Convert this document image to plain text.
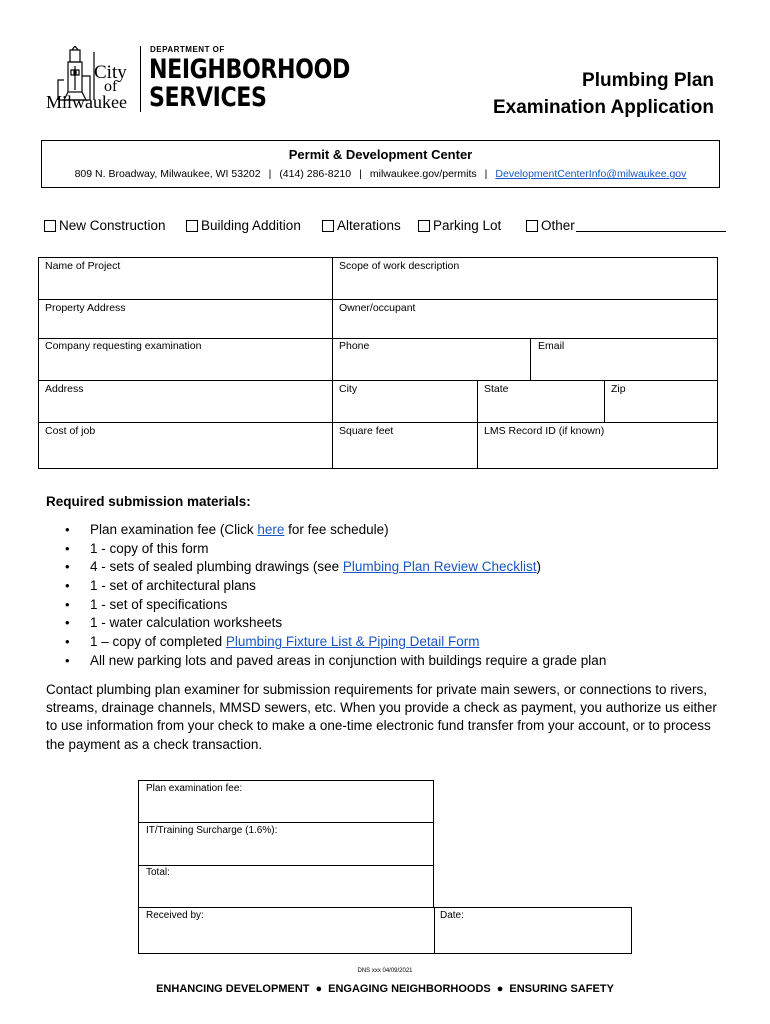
City
of
Milwaukee
DEPARTMENT OF
NEIGHBORHOOD
SERVICES
Plumbing Plan
Examination Application
Permit & Development Center
809 N. Broadway, Milwaukee, WI 53202 | (414) 286-8210 | milwaukee.gov/permits | DevelopmentCenterInfo@milwaukee.gov
New Construction	Building Addition	Alterations Parking Lot	Other
Name of Project	Scope of work description
Property Address	Owner/occupant
Company requesting examination	Phone	Email
Address	City	State	Zip
Cost of job	Square feet	LMS Record ID (if known)
Required submission materials:
• Plan examination fee (Click here for fee schedule)
• 1 - copy of this form
• 4 - sets of sealed plumbing drawings (see Plumbing Plan Review Checklist)
• 1 - set of architectural plans
• 1 - set of specifications
• 1 - water calculation worksheets
• 1 – copy of completed Plumbing Fixture List & Piping Detail Form
• All new parking lots and paved areas in conjunction with buildings require a grade plan
Contact plumbing plan examiner for submission requirements for private main sewers, or connections to rivers, streams, drainage channels, MMSD sewers, etc. When you provide a check as payment, you authorize us either to use information from your check to make a one-time electronic fund transfer from your account, or to process the payment as a check transaction.
Plan examination fee:
IT/Training Surcharge (1.6%):
Total:
Received by:	Date:
DNS xxx 04/09/2021
ENHANCING DEVELOPMENT ● ENGAGING NEIGHBORHOODS ● ENSURING SAFETY
